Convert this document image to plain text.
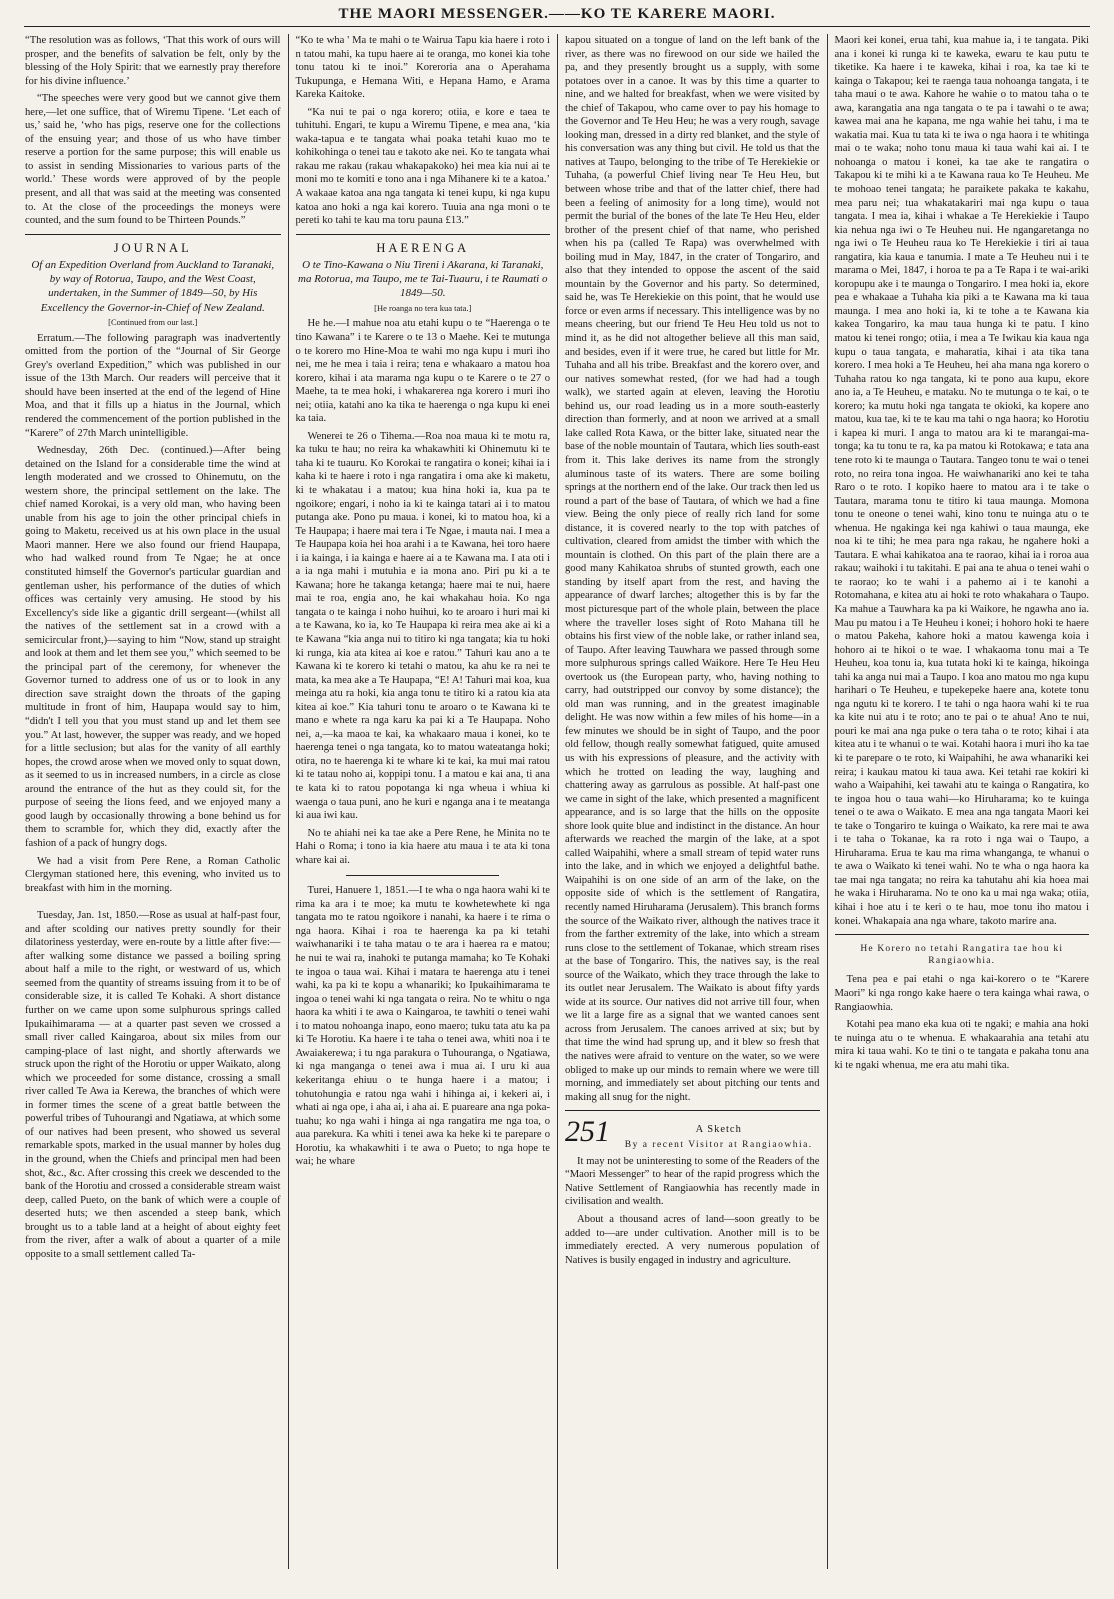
THE MAORI MESSENGER.——KO TE KARERE MAORI.

“The resolution was as follows, ‘That this work of ours will prosper, and the benefits of salvation be felt, only by the blessing of the Holy Spirit: that we earnestly pray therefore for his divine influence.’

“The speeches were very good but we cannot give them here,—let one suffice, that of Wiremu Tipene. ‘Let each of us,’ said he, ‘who has pigs, reserve one for the collections of the ensuing year; and those of us who have timber reserve a portion for the same purpose; this will enable us to assist in sending Missionaries to various parts of the world.’ These words were approved of by the people present, and all that was said at the meeting was consented to. At the close of the proceedings the moneys were counted, and the sum found to be Thirteen Pounds.”

JOURNAL

Of an Expedition Overland from Auckland to Taranaki, by way of Rotorua, Taupo, and the West Coast, undertaken, in the Summer of 1849—50, by His Excellency the Governor-in-Chief of New Zealand.

[Continued from our last.]

Erratum.—The following paragraph was inadvertently omitted from the portion of the “Journal of Sir George Grey's overland Expedition,” which was published in our issue of the 13th March. Our readers will perceive that it should have been inserted at the end of the legend of Hine Moa, and that it fills up a hiatus in the Journal, which rendered the commencement of the portion published in the “Karere” of 27th March unintelligible.

Wednesday, 26th Dec. (continued.)—After being detained on the Island for a considerable time the wind at length moderated and we crossed to Ohinemutu, on the western shore, the principal settlement on the lake. The chief named Korokai, is a very old man, who having been unable from his age to join the other principal chiefs in going to Maketu, received us at his own place in the usual Maori manner. Here we also found our friend Haupapa, who had walked round from Te Ngae; he at once constituted himself the Governor's particular guardian and gentleman usher, his performance of the duties of which offices was certainly very amusing. He stood by his Excellency's side like a gigantic drill sergeant—(whilst all the natives of the settlement sat in a crowd with a semicircular front,)—saying to him “Now, stand up straight and look at them and let them see you,” which seemed to be the principal part of the ceremony, for whenever the Governor turned to address one of us or to look in any direction save straight down the throats of the gaping multitude in front of him, Haupapa would say to him, “didn't I tell you that you must stand up and let them see you.” At last, however, the supper was ready, and we hoped for a little seclusion; but alas for the vanity of all earthly hopes, the crowd arose when we moved only to squat down, as it seemed to us in increased numbers, in a circle as close around the entrance of the hut as they could sit, for the purpose of seeing the lions feed, and we enjoyed many a good laugh by occasionally throwing a bone behind us for them to scramble for, which they did, exactly after the fashion of a pack of hungry dogs.

We had a visit from Pere Rene, a Roman Catholic Clergyman stationed here, this evening, who invited us to breakfast with him in the morning.

Tuesday, Jan. 1st, 1850.—Rose as usual at half-past four, and after scolding our natives pretty soundly for their dilatoriness yesterday, were en-route by a little after five:—after walking some distance we passed a boiling spring about half a mile to the right, or westward of us, which seemed from the quantity of streams issuing from it to be of considerable size, it is called Te Kohaki. A short distance further on we came upon some sulphurous springs called Ipukaihimarama — at a quarter past seven we crossed a small river called Kaingaroa, about six miles from our camping-place of last night, and shortly afterwards we struck upon the right of the Horotiu or upper Waikato, along which we proceeded for some distance, crossing a small river called Te Awa ia Kerewa, the branches of which were in former times the scene of a great battle between the powerful tribes of Tuhourangi and Ngatiawa, at which some of our natives had been present, who showed us several remarkable spots, marked in the usual manner by holes dug in the ground, when the Chiefs and principal men had been shot, &c., &c. After crossing this creek we descended to the bank of the Horotiu and crossed a considerable stream waist deep, called Pueto, on the bank of which were a couple of deserted huts; we then ascended a steep bank, which brought us to a table land at a height of about eighty feet from the river, after a walk of about a quarter of a mile opposite to a small settlement called Ta-

“Ko te wha ' Ma te mahi o te Wairua Tapu kia haere i roto i n tatou mahi, ka tupu haere ai te oranga, mo konei kia tohe tonu tatou ki te inoi.” Koreroria ana o Aperahama Tukupunga, e Hemana Witi, e Hepana Hamo, e Arama Kareka Kaitoke.

“Ka nui te pai o nga korero; otiia, e kore e taea te tuhituhi. Engari, te kupu a Wiremu Tipene, e mea ana, ‘kia waka-tapua e te tangata whai poaka tetahi kuao mo te kohikohinga o tenei tau e takoto ake nei. Ko te tangata whai rakau me rakau (rakau whakapakoko) hei mea kia nui ai te moni mo te komiti e tono ana i nga Mihanere ki te a katoa.’ A wakaae katoa ana nga tangata ki tenei kupu, ki nga kupu katoa ano hoki a nga kai korero. Tuuia ana nga moni o te pereti ko tahi te kau ma toru pauna £13.”

HAERENGA

O te Tino-Kawana o Niu Tireni i Akarana, ki Taranaki, ma Rotorua, ma Taupo, me te Tai-Tuauru, i te Raumati o 1849—50.

[He roanga no tera kua tata.]

He he.—I mahue noa atu etahi kupu o te “Haerenga o te tino Kawana” i te Karere o te 13 o Maehe. Kei te mutunga o te korero mo Hine-Moa te wahi mo nga kupu i muri iho nei, me he mea i taia i reira; tena e whakaaro a matou hoa korero, kihai i ata marama nga kupu o te Karere o te 27 o Maehe, ta te mea hoki, i whakarerea nga korero i muri iho nei; otiia, katahi ano ka tika te haerenga o nga kupu ki enei ka taia.

Wenerei te 26 o Tihema.—Roa noa maua ki te motu ra, ka tuku te hau; no reira ka whakawhiti ki Ohinemutu ki te taha ki te tuauru. Ko Korokai te rangatira o konei; kihai ia i kaha ki te haere i roto i nga rangatira i oma ake ki maketu, ki te whakatau i a matou; kua hina hoki ia, kua pa te ngoikore; engari, i noho ia ki te kainga tatari ai i to matou putanga ake. Pono pu maua. i konei, ki to matou hoa, ki a Te Haupapa; i haere mai tera i Te Ngae, i mauta nai. I mea a Te Haupapa koia hei hoa arahi i a te Kawana, hei toro haere i ia kainga, i ia kainga e haere ai a te Kawana ma. I ata oti i a ia nga mahi i mutuhia e ia mona ano. Piri pu ki a te Kawana; hore he takanga ketanga; haere mai te nui, haere mai te roa, engia ano, he kai whakahau hoia. Ko nga tangata o te kainga i noho huihui, ko te aroaro i huri mai ki a te Kawana, ko ia, ko Te Haupapa ki reira mea ake ai ki a te Kawana “kia anga nui to titiro ki nga tangata; kia tu hoki ki runga, kia ata kitea ai koe e ratou.” Tahuri kau ano a te Kawana ki te korero ki tetahi o matou, ka ahu ke ra nei te mata, ka mea ake a Te Haupapa, “E! A! Tahuri mai koa, kua meinga atu ra hoki, kia anga tonu te titiro ki a ratou kia ata kitea ai koe.” Kia tahuri tonu te aroaro o te Kawana ki te mano e whete ra nga karu ka pai ki a Te Haupapa. Noho nei, a,—ka maoa te kai, ka whakaaro maua i konei, ko te haerenga tenei o nga tangata, ko to matou wateatanga hoki; otira, no te haerenga ki te whare ki te kai, ka mui mai ratou ki te tatau noho ai, koppipi tonu. I a matou e kai ana, ti ana te kata ki to ratou popotanga ki nga wheua i whiua ki waenga o taua puni, ano he kuri e nganga ana i te meatanga ki aua iwi kau.

No te ahiahi nei ka tae ake a Pere Rene, he Minita no te Hahi o Roma; i tono ia kia haere atu maua i te ata ki tona whare kai ai.

Turei, Hanuere 1, 1851.—I te wha o nga haora wahi ki te rima ka ara i te moe; ka mutu te kowhetewhete ki nga tangata mo te ratou ngoikore i nanahi, ka haere i te rima o nga haora. Kihai i roa te haerenga ka pa ki tetahi waiwhanariki i te taha matau o te ara i haerea ra e matou; he nui te wai ra, inahoki te putanga mamaha; ko Te Kohaki te ingoa o taua wai. Kihai i matara te haerenga atu i tenei wahi, ka pa ki te kopu a whanariki; ko Ipukaihimarama te ingoa o tenei wahi ki nga tangata o reira. No te whitu o nga haora ka whiti i te awa o Kaingaroa, te tawhiti o tenei wahi i to matou nohoanga inapo, eono maero; tuku tata atu ka pa ki Te Horotiu. Ka haere i te taha o tenei awa, whiti noa i te Awaiakerewa; i tu nga parakura o Tuhouranga, o Ngatiawa, ki nga manganga o tenei awa i mua ai. I uru ki aua kekeritanga ehiuu o te hunga haere i a matou; i tohutohungia e ratou nga wahi i hihinga ai, i kekeri ai, i whati ai nga ope, i aha ai, i aha ai. E puareare ana nga poka-tuahu; ko nga wahi i hinga ai nga rangatira me nga toa, o aua parekura. Ka whiti i tenei awa ka heke ki te parepare o Horotiu, ka whakawhiti i te awa o Pueto; to nga hope te wai; he whare

kapou situated on a tongue of land on the left bank of the river, as there was no firewood on our side we hailed the pa, and they presently brought us a supply, with some potatoes over in a canoe. It was by this time a quarter to nine, and we halted for breakfast, when we were visited by the chief of Takapou, who came over to pay his homage to the Governor and Te Heu Heu; he was a very rough, savage looking man, dressed in a dirty red blanket, and the style of his conversation was any thing but civil. He told us that the natives at Taupo, belonging to the tribe of Te Herekiekie or Tuhaha, (a powerful Chief living near Te Heu Heu, but between whose tribe and that of the latter chief, there had been a feeling of animosity for a long time), would not permit the burial of the bones of the late Te Heu Heu, elder brother of the present chief of that name, who perished when his pa (called Te Rapa) was overwhelmed with boiling mud in May, 1847, in the crater of Tongariro, and also that they intended to oppose the ascent of the said mountain by the Governor and his party. So determined, said he, was Te Herekiekie on this point, that he would use force or even arms if necessary. This intelligence was by no means cheering, but our friend Te Heu Heu told us not to mind it, as he did not altogether believe all this man said, and besides, even if it were true, he cared but little for Mr. Tuhaha and all his tribe. Breakfast and the korero over, and our natives somewhat rested, (for we had had a tough walk), we started again at eleven, leaving the Horotiu behind us, our road leading us in a more south-easterly direction than formerly, and at noon we arrived at a small lake called Rota Kawa, or the bitter lake, situated near the base of the noble mountain of Tautara, which lies south-east from it. This lake derives its name from the strongly aluminous taste of its waters. There are some boiling springs at the northern end of the lake. Our track then led us round a part of the base of Tautara, of which we had a fine view. Being the only piece of really rich land for some distance, it is covered nearly to the top with patches of cultivation, cleared from amidst the timber with which the mountain is clothed. On this part of the plain there are a good many Kahikatoa shrubs of stunted growth, each one standing by itself apart from the rest, and having the appearance of dwarf larches; altogether this is by far the most picturesque part of the whole plain, between the place where the traveller loses sight of Roto Mahana till he obtains his first view of the noble lake, or rather inland sea, of Taupo. After leaving Tauwhara we passed through some more sulphurous springs called Waikore. Here Te Heu Heu overtook us (the European party, who, having nothing to carry, had outstripped our convoy by some distance); the old man was running, and in the greatest imaginable delight. He was now within a few miles of his home—in a few minutes we should be in sight of Taupo, and the poor old fellow, though really somewhat fatigued, quite amused us with his expressions of pleasure, and the activity with which he trotted on leading the way, laughing and chattering away as garrulous as possible. At half-past one we came in sight of the lake, which presented a magnificent appearance, and is so large that the hills on the opposite shore look quite blue and indistinct in the distance. An hour afterwards we reached the margin of the lake, at a spot called Waipahihi, where a small stream of tepid water runs into the lake, and in which we enjoyed a delightful bathe. Waipahihi is on one side of an arm of the lake, on the opposite side of which is the settlement of Rangatira, recently named Hiruharama (Jerusalem). This branch forms the source of the Waikato river, although the natives trace it from the farther extremity of the lake, into which a stream runs close to the settlement of Tokanae, which stream rises at the base of Tongariro. This, the natives say, is the real source of the Waikato, which they trace through the lake to its outlet near Jerusalem. The Waikato is about fifty yards wide at its source. Our natives did not arrive till four, when we lit a large fire as a signal that we wanted canoes sent across from Jerusalem. The canoes arrived at six; but by that time the wind had sprung up, and it blew so fresh that the natives were afraid to venture on the water, so we were obliged to make up our minds to remain where we were till morning, and immediately set about pitching our tents and making all snug for the night.

251	A Sketch

By a recent Visitor at Rangiaowhia.

It may not be uninteresting to some of the Readers of the “Maori Messenger” to hear of the rapid progress which the Native Settlement of Rangiaowhia has recently made in civilisation and wealth.

About a thousand acres of land—soon greatly to be added to—are under cultivation. Another mill is to be immediately erected. A very numerous population of Natives is busily engaged in industry and agriculture.

Maori kei konei, erua tahi, kua mahue ia, i te tangata. Piki ana i konei ki runga ki te kaweka, ewaru te kau putu te tiketike. Ka haere i te kaweka, kihai i roa, ka tae ki te kainga o Takapou; kei te raenga taua nohoanga tangata, i te taha maui o te awa. Kahore he wahie o to matou taha o te awa, karangatia ana nga tangata o te pa i tawahi o te awa; kawea mai ana he kapana, me nga wahie hei tahu, i ma te wakatia mai. Kua tu tata ki te iwa o nga haora i te whitinga mai o te waka; noho tonu maua ki taua wahi kai ai. I te nohoanga o matou i konei, ka tae ake te rangatira o Takapou ki te mihi ki a te Kawana raua ko Te Heuheu. Me te mohoao tenei tangata; he paraikete pakaka te kakahu, mea paru nei; tua whakatakariri mai nga kupu o taua tangata. I mea ia, kihai i whakae a Te Herekiekie i Taupo kia nehua nga iwi o Te Heuheu nui. He ngangaretanga no nga iwi o Te Heuheu raua ko Te Herekiekie i tiri ai taua rangatira, kia kaua e tanumia. I mate a Te Heuheu nui i te marama o Mei, 1847, i horoa te pa a Te Rapa i te wai-ariki koropupu ake i te maunga o Tongariro. I mea hoki ia, ekore pea e whakaae a Tuhaha kia piki a te Kawana ma ki taua maunga. I mea ano hoki ia, ki te tohe a te Kawana kia kakea Tongariro, ka mau taua hunga ki te patu. I kino matou ki tenei rongo; otiia, i mea a Te Iwikau kia kaua nga kupu o taua tangata, e maharatia, kihai i ata tika tana korero. I mea hoki a Te Heuheu, hei aha mana nga korero o Tuhaha ratou ko nga tangata, ki te pono aua kupu, ekore ano ia, a Te Heuheu, e mataku. No te mutunga o te kai, o te korero; ka mutu hoki nga tangata te okioki, ka kopere ano matou, kua tae, ki te te kau ma tahi o nga haora; ko Horotiu i kapea ki muri. I anga to matou ara ki te marangai-ma-tonga; ka tu tonu te ra, ka pa matou ki Rotokawa; e tata ana tene roto ki te maunga o Tautara. Tangeo tonu te wai o tenei roto, no reira tona ingoa. He waiwhanariki ano kei te taha Raro o te roto. I kopiko haere to matou ara i te take o Tautara, marama tonu te titiro ki taua maunga. Momona tonu te oneone o tenei wahi, kino tonu te nuinga atu o te whenua. He ngakinga kei nga kahiwi o taua maunga, eke noa ki te tihi; he mea para nga rakau, he ngahere hoki a Tautara. E whai kahikatoa ana te raorao, kihai ia i roroa aua rakau; waihoki i tu takitahi. E pai ana te ahua o tenei wahi o te raorao; ko te wahi i a pahemo ai i te kanohi a Rotomahana, e kitea atu ai hoki te roto whakahara o Taupo. Ka mahue a Tauwhara ka pa ki Waikore, he ngawha ano ia. Mau pu matou i a Te Heuheu i konei; i hohoro hoki te haere o matou Pakeha, kahore hoki a matou kawenga koia i hohoro ai te hikoi o te wae. I whakaoma tonu mai a Te Heuheu, koa tonu ia, kua tutata hoki ki te kainga, hikoinga tahi ka anga nui mai a Taupo. I koa ano matou mo nga kupu harihari o Te Heuheu, e tupekepeke haere ana, kotete tonu nga ngutu ki te korero. I te tahi o nga haora wahi ki te rua ka kite nui atu i te roto; ano te pai o te ahua! Ano te nui, pouri ke mai ana nga puke o tera taha o te roto; kihai i ata kitea atu i te whanui o te wai. Kotahi haora i muri iho ka tae ki te parepare o te roto, ki Waipahihi, he awa whanariki kei reira; i kaukau matou ki taua awa. Kei tetahi rae kokiri ki waho a Waipahihi, kei tawahi atu te kainga o Rangatira, ko te ingoa hou o taua wahi—ko Hiruharama; ko te kuinga tenei o te awa o Waikato. E mea ana nga tangata Maori kei te take o Tongariro te kuinga o Waikato, ka rere mai te awa i te taha o Tokanae, ka ra roto i nga wai o Taupo, a Hiruharama. Erua te kau ma rima whanganga, te whanui o te awa o Waikato ki tenei wahi. No te wha o nga haora ka tae mai nga tangata; no reira ka tahutahu ahi kia hoea mai he waka i Hiruharama. No te ono ka u mai nga waka; otiia, kihai i hoe atu i te keri o te hau, moe tonu iho matou i konei. Whakapaia ana nga whare, takoto marire ana.

He Korero no tetahi Rangatira tae hou ki Rangiaowhia.

Tena pea e pai etahi o nga kai-korero o te “Karere Maori” ki nga rongo kake haere o tera kainga whai rawa, o Rangiaowhia.

Kotahi pea mano eka kua oti te ngaki; e mahia ana hoki te nuinga atu o te whenua. E whakaarahia ana tetahi atu mira ki taua wahi. Ko te tini o te tangata e pakaha tonu ana ki te ngaki whenua, me era atu mahi tika.
